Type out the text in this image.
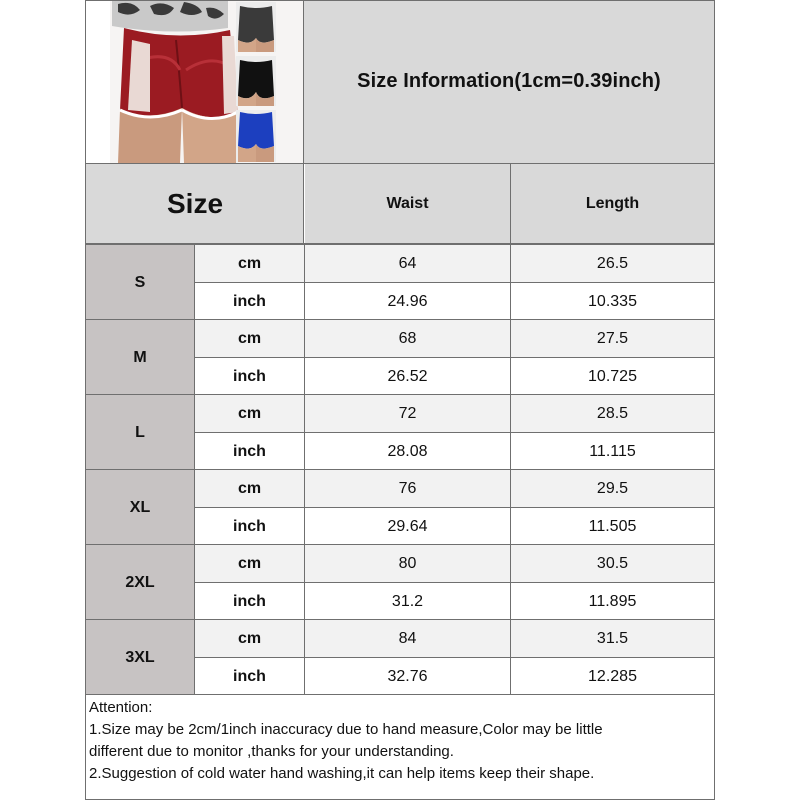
Size Information(1cm=0.39inch)
Size	Waist	Length
S
cm	64	26.5
inch	24.96	10.335
M
cm	68	27.5
inch	26.52	10.725
L
cm	72	28.5
inch	28.08	11.115
XL
cm	76	29.5
inch	29.64	11.505
2XL
cm	80	30.5
inch	31.2	11.895
3XL
cm	84	31.5
inch	32.76	12.285
Attention:
1.Size may be 2cm/1inch inaccuracy due to hand measure,Color may be little
different due to monitor ,thanks for your understanding.
2.Suggestion of cold water hand washing,it can help items keep their shape.
